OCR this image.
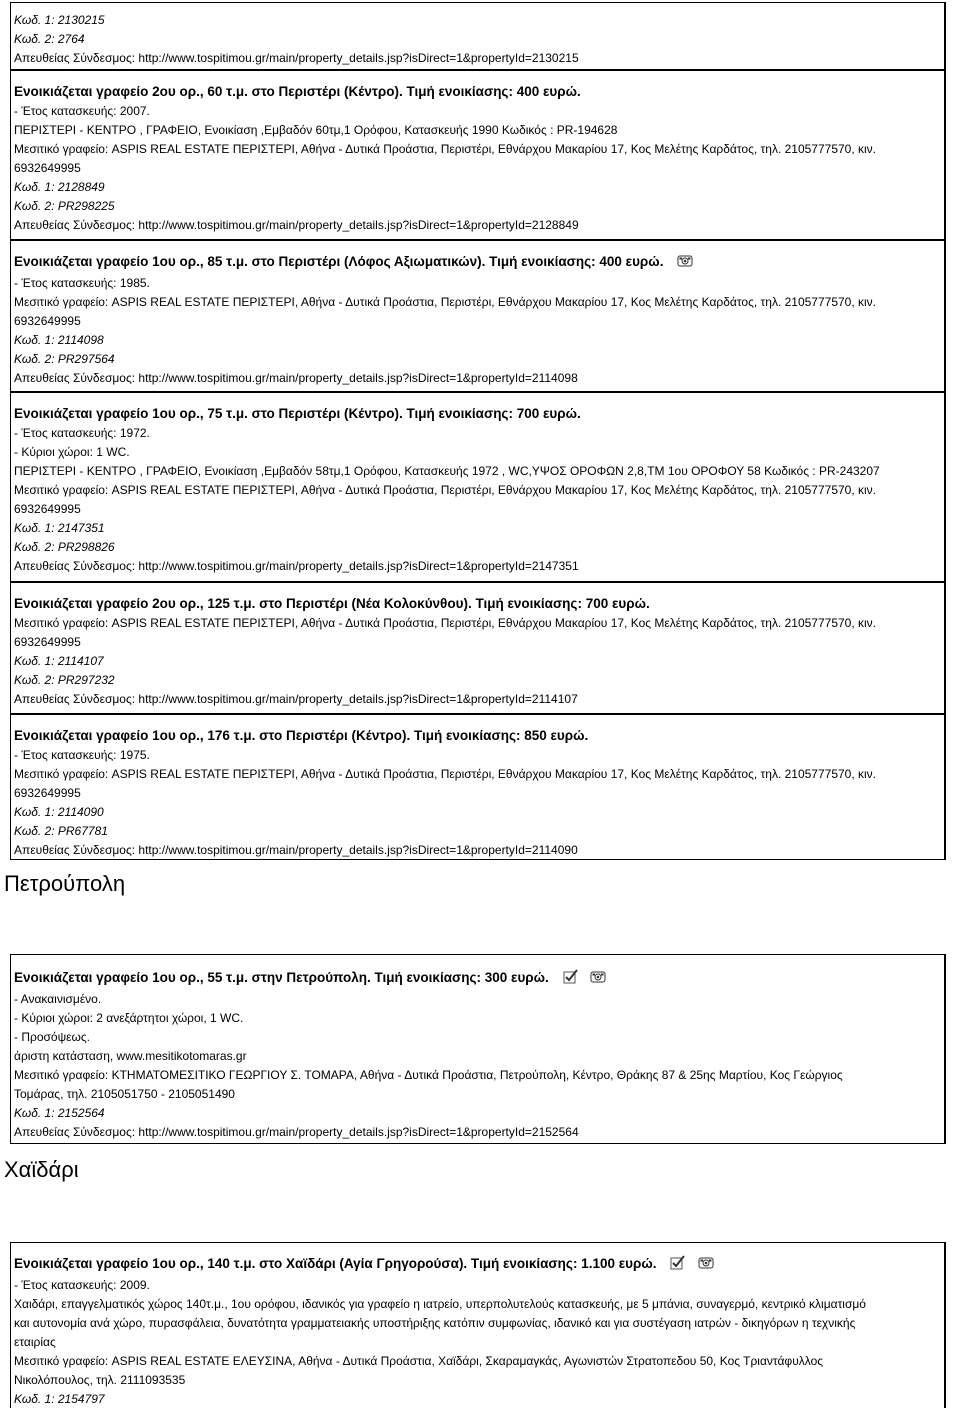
Κωδ. 1: 2130215
Κωδ. 2: 2764
Απευθείας Σύνδεσμος: http://www.tospitimou.gr/main/property_details.jsp?isDirect=1&propertyId=2130215
Ενοικιάζεται γραφείο 2ου ορ., 60 τ.μ. στο Περιστέρι (Κέντρο). Τιμή ενοικίασης: 400 ευρώ.
- Έτος κατασκευής: 2007.
ΠΕΡΙΣΤΕΡΙ - ΚΕΝΤΡΟ , ΓΡΑΦΕΙΟ, Ενοικίαση ,Εμβαδόν 60τμ,1 Ορόφου, Κατασκευής 1990 Κωδικός : PR-194628
Μεσιτικό γραφείο: ASPIS REAL ESTATE ΠΕΡΙΣΤΕΡΙ, Αθήνα - Δυτικά Προάστια, Περιστέρι, Εθνάρχου Μακαρίου 17, Κος Μελέτης Καρδάτος, τηλ. 2105777570, κιν.
6932649995
Κωδ. 1: 2128849
Κωδ. 2: PR298225
Απευθείας Σύνδεσμος: http://www.tospitimou.gr/main/property_details.jsp?isDirect=1&propertyId=2128849
Ενοικιάζεται γραφείο 1ου ορ., 85 τ.μ. στο Περιστέρι (Λόφος Αξιωματικών). Τιμή ενοικίασης: 400 ευρώ.
- Έτος κατασκευής: 1985.
Μεσιτικό γραφείο: ASPIS REAL ESTATE ΠΕΡΙΣΤΕΡΙ, Αθήνα - Δυτικά Προάστια, Περιστέρι, Εθνάρχου Μακαρίου 17, Κος Μελέτης Καρδάτος, τηλ. 2105777570, κιν.
6932649995
Κωδ. 1: 2114098
Κωδ. 2: PR297564
Απευθείας Σύνδεσμος: http://www.tospitimou.gr/main/property_details.jsp?isDirect=1&propertyId=2114098
Ενοικιάζεται γραφείο 1ου ορ., 75 τ.μ. στο Περιστέρι (Κέντρο). Τιμή ενοικίασης: 700 ευρώ.
- Έτος κατασκευής: 1972.
- Κύριοι χώροι: 1 WC.
ΠΕΡΙΣΤΕΡΙ - ΚΕΝΤΡΟ , ΓΡΑΦΕΙΟ, Ενοικίαση ,Εμβαδόν 58τμ,1 Ορόφου, Κατασκευής 1972 , WC,ΥΨΟΣ ΟΡΟΦΩΝ 2,8,ΤΜ 1ου ΟΡΟΦΟΥ 58 Κωδικός : PR-243207
Μεσιτικό γραφείο: ASPIS REAL ESTATE ΠΕΡΙΣΤΕΡΙ, Αθήνα - Δυτικά Προάστια, Περιστέρι, Εθνάρχου Μακαρίου 17, Κος Μελέτης Καρδάτος, τηλ. 2105777570, κιν.
6932649995
Κωδ. 1: 2147351
Κωδ. 2: PR298826
Απευθείας Σύνδεσμος: http://www.tospitimou.gr/main/property_details.jsp?isDirect=1&propertyId=2147351
Ενοικιάζεται γραφείο 2ου ορ., 125 τ.μ. στο Περιστέρι (Νέα Κολοκύνθου). Τιμή ενοικίασης: 700 ευρώ.
Μεσιτικό γραφείο: ASPIS REAL ESTATE ΠΕΡΙΣΤΕΡΙ, Αθήνα - Δυτικά Προάστια, Περιστέρι, Εθνάρχου Μακαρίου 17, Κος Μελέτης Καρδάτος, τηλ. 2105777570, κιν.
6932649995
Κωδ. 1: 2114107
Κωδ. 2: PR297232
Απευθείας Σύνδεσμος: http://www.tospitimou.gr/main/property_details.jsp?isDirect=1&propertyId=2114107
Ενοικιάζεται γραφείο 1ου ορ., 176 τ.μ. στο Περιστέρι (Κέντρο). Τιμή ενοικίασης: 850 ευρώ.
- Έτος κατασκευής: 1975.
Μεσιτικό γραφείο: ASPIS REAL ESTATE ΠΕΡΙΣΤΕΡΙ, Αθήνα - Δυτικά Προάστια, Περιστέρι, Εθνάρχου Μακαρίου 17, Κος Μελέτης Καρδάτος, τηλ. 2105777570, κιν.
6932649995
Κωδ. 1: 2114090
Κωδ. 2: PR67781
Απευθείας Σύνδεσμος: http://www.tospitimou.gr/main/property_details.jsp?isDirect=1&propertyId=2114090
Πετρούπολη
Ενοικιάζεται γραφείο 1ου ορ., 55 τ.μ. στην Πετρούπολη. Τιμή ενοικίασης: 300 ευρώ.
- Ανακαινισμένο.
- Κύριοι χώροι: 2 ανεξάρτητοι χώροι, 1 WC.
- Προσόψεως.
άριστη κατάσταση, www.mesitikotomaras.gr
Μεσιτικό γραφείο: ΚΤΗΜΑΤΟΜΕΣΙΤΙΚΟ ΓΕΩΡΓΙΟΥ Σ. ΤΟΜΑΡΑ, Αθήνα - Δυτικά Προάστια, Πετρούπολη, Κέντρο, Θράκης 87 & 25ης Μαρτίου, Κος Γεώργιος
Τομάρας, τηλ. 2105051750 - 2105051490
Κωδ. 1: 2152564
Απευθείας Σύνδεσμος: http://www.tospitimou.gr/main/property_details.jsp?isDirect=1&propertyId=2152564
Χαϊδάρι
Ενοικιάζεται γραφείο 1ου ορ., 140 τ.μ. στο Χαϊδάρι (Αγία Γρηγορούσα). Τιμή ενοικίασης: 1.100 ευρώ.
- Έτος κατασκευής: 2009.
Χαιδάρι, επαγγελματικός χώρος 140τ.μ., 1ου ορόφου, ιδανικός για γραφείο η ιατρείο, υπερπολυτελούς κατασκευής, με 5 μπάνια, συναγερμό, κεντρικό κλιματισμό
και αυτονομία ανά χώρο, πυρασφάλεια, δυνατότητα γραμματειακής υποστήριξης κατόπιν συμφωνίας, ιδανικό και για συστέγαση ιατρών - δικηγόρων η τεχνικής
εταιρίας
Μεσιτικό γραφείο: ASPIS REAL ESTATE ΕΛΕΥΣΙΝΑ, Αθήνα - Δυτικά Προάστια, Χαϊδάρι, Σκαραμαγκάς, Αγωνιστών Στρατοπεδου 50, Κος Τριαντάφυλλος
Νικολόπουλος, τηλ. 2111093535
Κωδ. 1: 2154797
